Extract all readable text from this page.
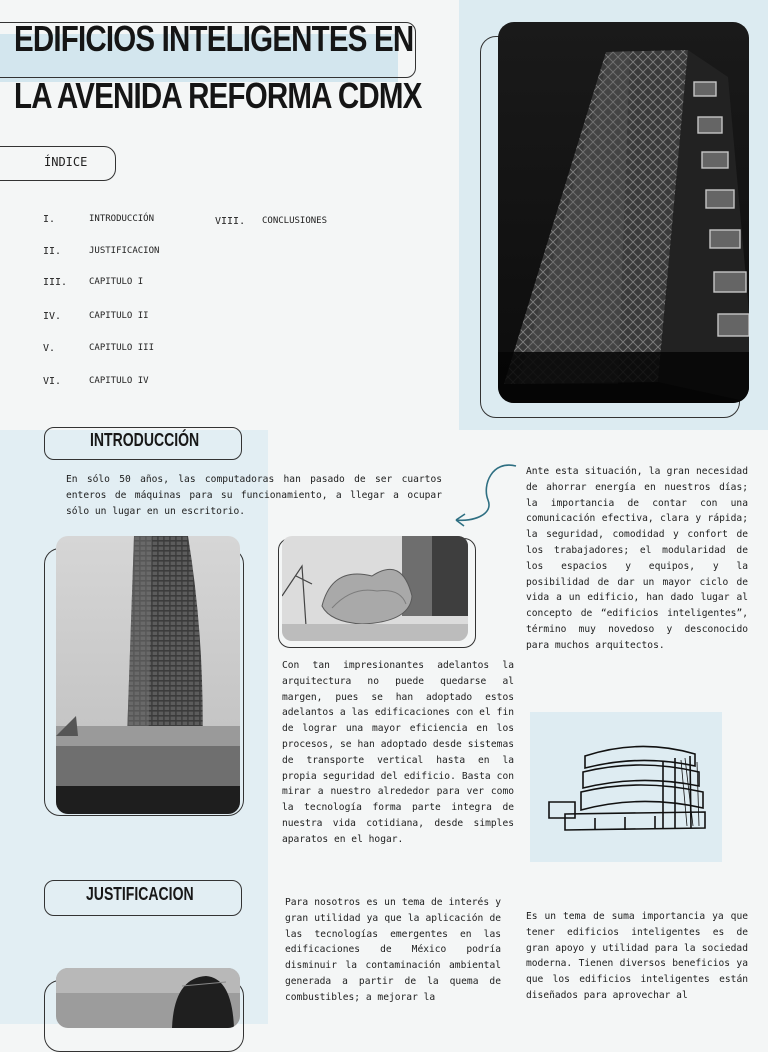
EDIFICIOS INTELIGENTES EN
LA AVENIDA REFORMA CDMX
ÍNDICE
I.	INTRODUCCIÓN
II.	JUSTIFICACION
III. CAPITULO I
IV.	CAPITULO II
V.	CAPITULO III
VI.	CAPITULO IV
VIII. CONCLUSIONES
INTRODUCCIÓN
En sólo 50 años, las computadoras han pasado de ser cuartos enteros de máquinas para su funcionamiento, a llegar a ocupar sólo un lugar en un escritorio.
Con tan impresionantes adelantos la arquitectura no puede quedarse al margen, pues se han adoptado estos adelantos a las edificaciones con el fin de lograr una mayor eficiencia en los procesos, se han adoptado desde sistemas de transporte vertical hasta en la propia seguridad del edificio. Basta con mirar a nuestro alrededor para ver como la tecnología forma parte integra de nuestra vida cotidiana, desde simples aparatos en el hogar.
Ante esta situación, la gran necesidad de ahorrar energía en nuestros días; la importancia de contar con una comunicación efectiva, clara y rápida; la seguridad, comodidad y confort de los trabajadores; el modularidad de los espacios y equipos, y la posibilidad de dar un mayor ciclo de vida a un edificio, han dado lugar al concepto de “edificios inteligentes”, término muy novedoso y desconocido para muchos arquitectos.
JUSTIFICACION	Para nosotros es un tema de interés y gran utilidad ya que la aplicación de las tecnologías emergentes en las edificaciones de México podría disminuir la contaminación ambiental generada a partir de la quema de combustibles; a mejorar la
Es un tema de suma importancia ya que tener edificios inteligentes es de gran apoyo y utilidad para la sociedad moderna. Tienen diversos beneficios ya que los edificios inteligentes están diseñados para aprovechar al
